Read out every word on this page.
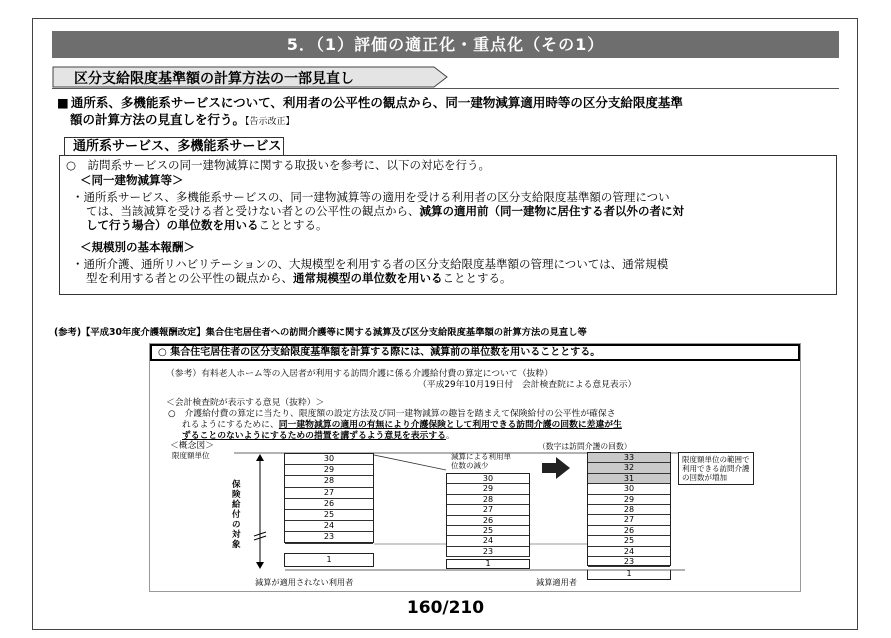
5．（1）評価の適正化・重点化（その1）
区分支給限度基準額の計算方法の一部見直し
■ 通所系、多機能系サービスについて、利用者の公平性の観点から、同一建物減算適用時等の区分支給限度基準
額の計算方法の見直しを行う。【告示改正】
通所系サービス、多機能系サービス
○　訪問系サービスの同一建物減算に関する取扱いを参考に、以下の対応を行う。
＜同一建物減算等＞
・通所系サービス、多機能系サービスの、同一建物減算等の適用を受ける利用者の区分支給限度基準額の管理につい
ては、当該減算を受ける者と受けない者との公平性の観点から、減算の適用前（同一建物に居住する者以外の者に対
して行う場合）の単位数を用いることとする。
＜規模別の基本報酬＞
・通所介護、通所リハビリテーションの、大規模型を利用する者の区分支給限度基準額の管理については、通常規模
型を利用する者との公平性の観点から、通常規模型の単位数を用いることとする。
(参考)【平成30年度介護報酬改定】集合住宅居住者への訪問介護等に関する減算及び区分支給限度基準額の計算方法の見直し等
○ 集合住宅居住者の区分支給限度基準額を計算する際には、減算前の単位数を用いることとする。
（参考）有料老人ホーム等の入居者が利用する訪問介護に係る介護給付費の算定について（抜粋）
（平成29年10月19日付　会計検査院による意見表示）
＜会計検査院が表示する意見（抜粋）＞
○　介護給付費の算定に当たり、限度額の設定方法及び同一建物減算の趣旨を踏まえて保険給付の公平性が確保さ
れるようにするために、同一建物減算の適用の有無により介護保険として利用できる訪問介護の回数に差違が生
ずることのないようにするための措置を講ずるよう意見を表示する。
＜概念図＞
限度額単位
（数字は訪問介護の回数）
保険給付の対象
30
29
28
27
26
25
24
23
1
30
29
28
27
26
25
24
23
減算による利用単
位数の減少
1
33
32
31
30
29
28
27
26
25
24
23
1
限度額単位の範囲で
利用できる訪問介護
の回数が増加
減算が適用されない利用者	減算適用者
160/210
